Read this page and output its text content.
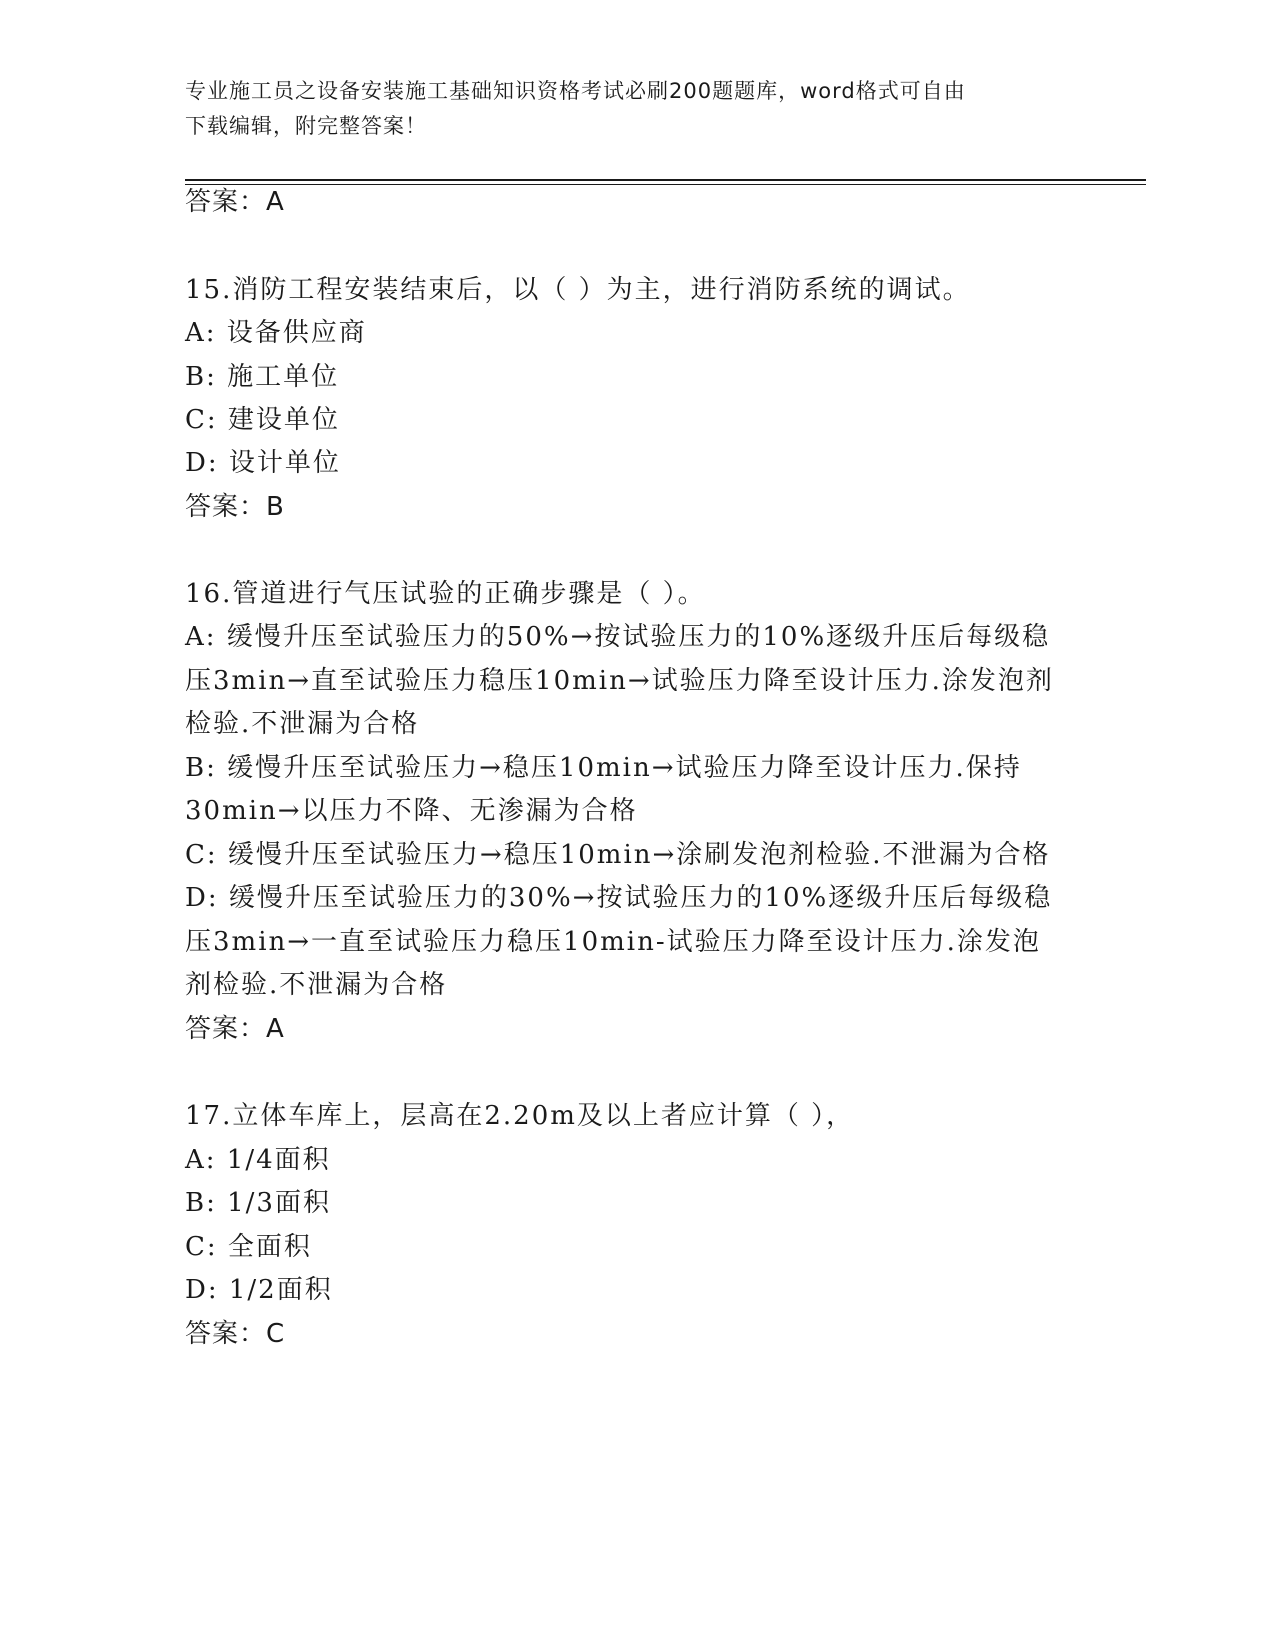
专业施工员之设备安装施工基础知识资格考试必刷200题题库，word格式可自由
下载编辑，附完整答案！
答案：A
15.消防工程安装结束后，以（ ）为主，进行消防系统的调试。
A: 设备供应商
B: 施工单位
C: 建设单位
D: 设计单位
答案：B
16.管道进行气压试验的正确步骤是（ ）。
A: 缓慢升压至试验压力的50%→按试验压力的10%逐级升压后每级稳
压3min→直至试验压力稳压10min→试验压力降至设计压力.涂发泡剂
检验.不泄漏为合格
B: 缓慢升压至试验压力→稳压10min→试验压力降至设计压力.保持
30min→以压力不降、无渗漏为合格
C: 缓慢升压至试验压力→稳压10min→涂刷发泡剂检验.不泄漏为合格
D: 缓慢升压至试验压力的30%→按试验压力的10%逐级升压后每级稳
压3min→一直至试验压力稳压10min-试验压力降至设计压力.涂发泡
剂检验.不泄漏为合格
答案：A
17.立体车库上，层高在2.20m及以上者应计算（ ），
A: 1/4面积
B: 1/3面积
C: 全面积
D: 1/2面积
答案：C
